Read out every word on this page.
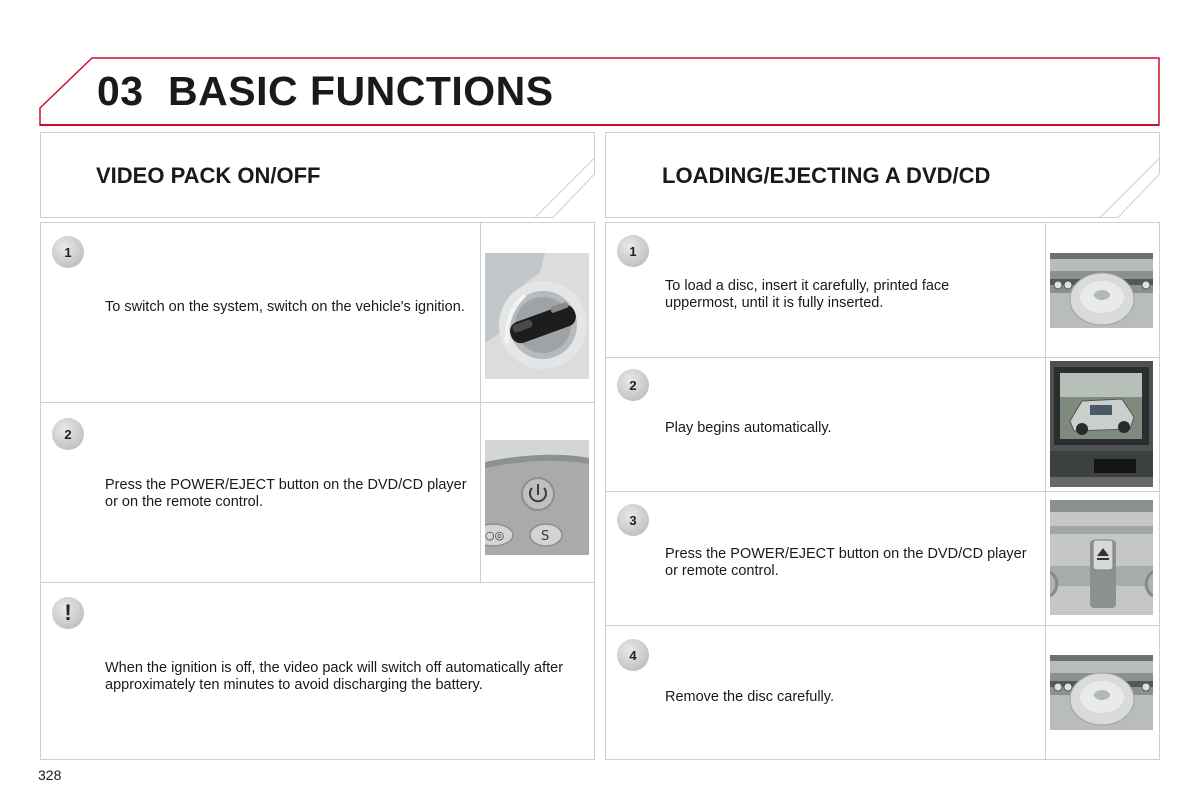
03 BASIC FUNCTIONS
VIDEO PACK ON/OFF	LOADING/EJECTING A DVD/CD
1
To switch on the system, switch on the vehicle's ignition.
2
Press the POWER/EJECT button on the DVD/CD player or on the remote control.
○◎	S
!
When the ignition is off, the video pack will switch off automatically after approximately ten minutes to avoid discharging the battery.
1
To load a disc, insert it carefully, printed face uppermost, until it is fully inserted.
2
Play begins automatically.
3
Press the POWER/EJECT button on the DVD/CD player or remote control.
4
Remove the disc carefully.
328
